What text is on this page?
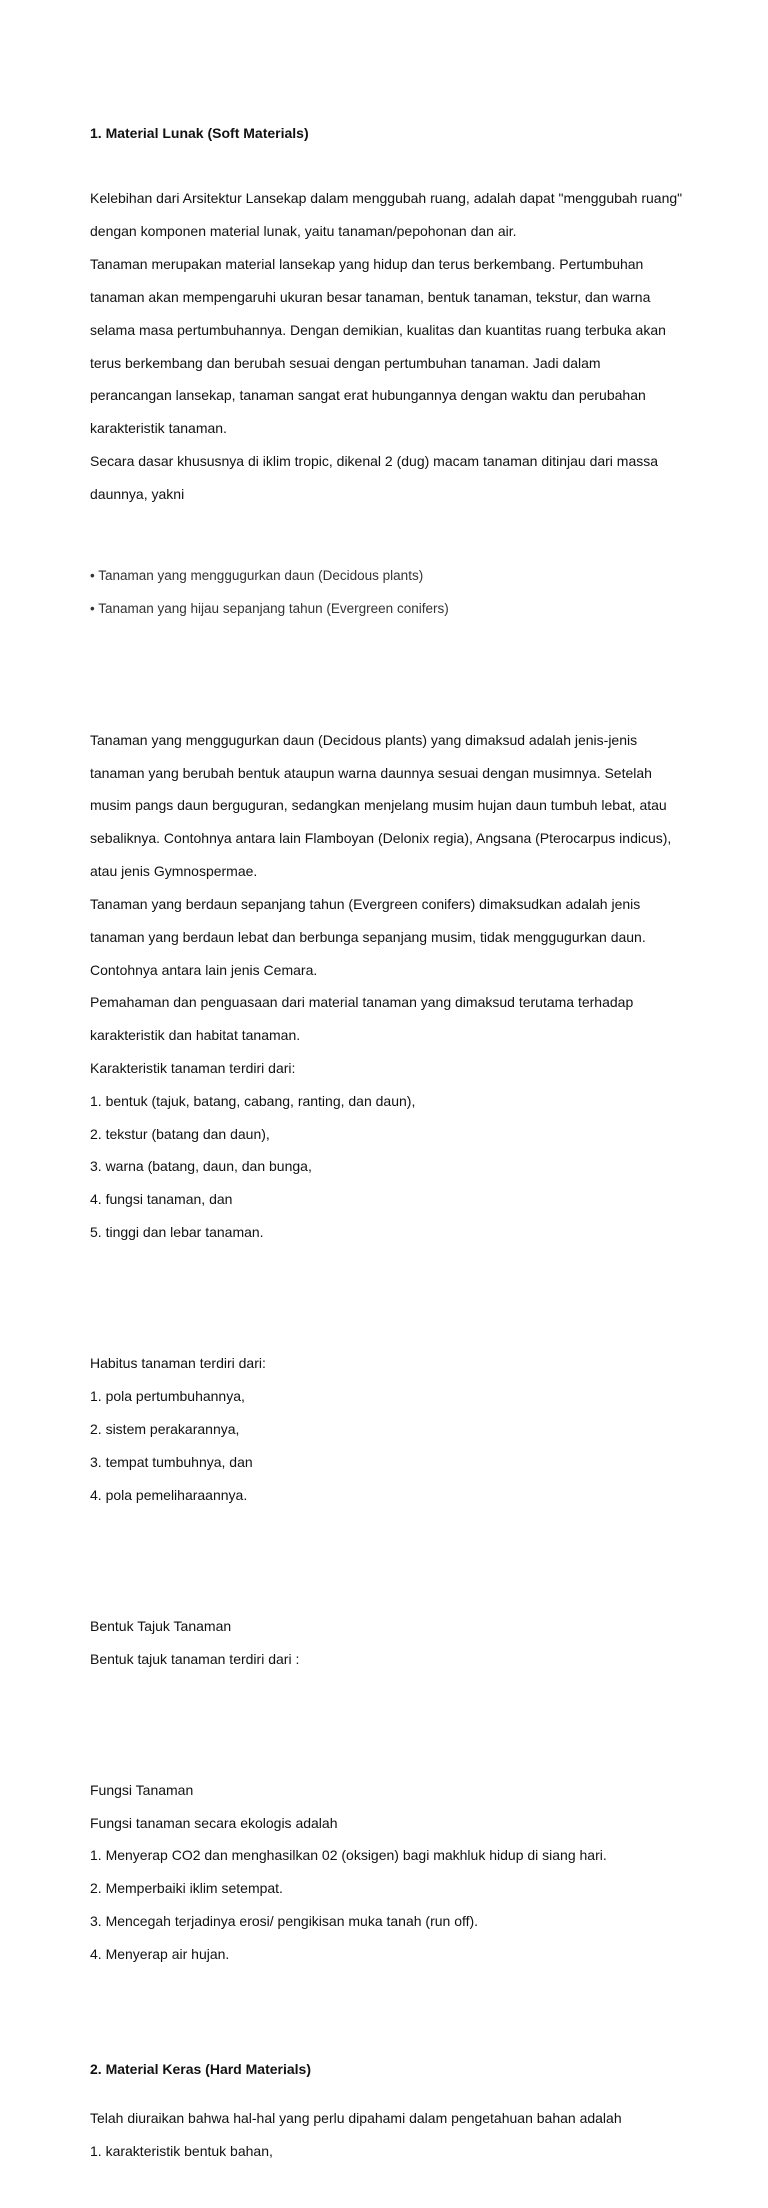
1. Material Lunak (Soft Materials)

Kelebihan dari Arsitektur Lansekap dalam menggubah ruang, adalah dapat "menggubah ruang"

dengan komponen material lunak, yaitu tanaman/pepohonan dan air.

Tanaman merupakan material lansekap yang hidup dan terus berkembang. Pertumbuhan

tanaman akan mempengaruhi ukuran besar tanaman, bentuk tanaman, tekstur, dan warna

selama masa pertumbuhannya. Dengan demikian, kualitas dan kuantitas ruang terbuka akan

terus berkembang dan berubah sesuai dengan pertumbuhan tanaman. Jadi dalam

perancangan lansekap, tanaman sangat erat hubungannya dengan waktu dan perubahan

karakteristik tanaman.

Secara dasar khususnya di iklim tropic, dikenal 2 (dug) macam tanaman ditinjau dari massa

daunnya, yakni

• Tanaman yang menggugurkan daun (Decidous plants)

• Tanaman yang hijau sepanjang tahun (Evergreen conifers)

Tanaman yang menggugurkan daun (Decidous plants) yang dimaksud adalah jenis-jenis

tanaman yang berubah bentuk ataupun warna daunnya sesuai dengan musimnya. Setelah

musim pangs daun berguguran, sedangkan menjelang musim hujan daun tumbuh lebat, atau

sebaliknya. Contohnya antara lain Flamboyan (Delonix regia), Angsana (Pterocarpus indicus),

atau jenis Gymnospermae.

Tanaman yang berdaun sepanjang tahun (Evergreen conifers) dimaksudkan adalah jenis

tanaman yang berdaun lebat dan berbunga sepanjang musim, tidak menggugurkan daun.

Contohnya antara lain jenis Cemara.

Pemahaman dan penguasaan dari material tanaman yang dimaksud terutama terhadap

karakteristik dan habitat tanaman.

Karakteristik tanaman terdiri dari:

1. bentuk (tajuk, batang, cabang, ranting, dan daun),

2. tekstur (batang dan daun),

3. warna (batang, daun, dan bunga,

4. fungsi tanaman, dan

5. tinggi dan lebar tanaman.

Habitus tanaman terdiri dari:

1. pola pertumbuhannya,

2. sistem perakarannya,

3. tempat tumbuhnya, dan

4. pola pemeliharaannya.

Bentuk Tajuk Tanaman

Bentuk tajuk tanaman terdiri dari :

Fungsi Tanaman

Fungsi tanaman secara ekologis adalah

1. Menyerap CO2 dan menghasilkan 02 (oksigen) bagi makhluk hidup di siang hari.

2. Memperbaiki iklim setempat.

3. Mencegah terjadinya erosi/ pengikisan muka tanah (run off).

4. Menyerap air hujan.

2. Material Keras (Hard Materials)

Telah diuraikan bahwa hal-hal yang perlu dipahami dalam pengetahuan bahan adalah

1. karakteristik bentuk bahan,
